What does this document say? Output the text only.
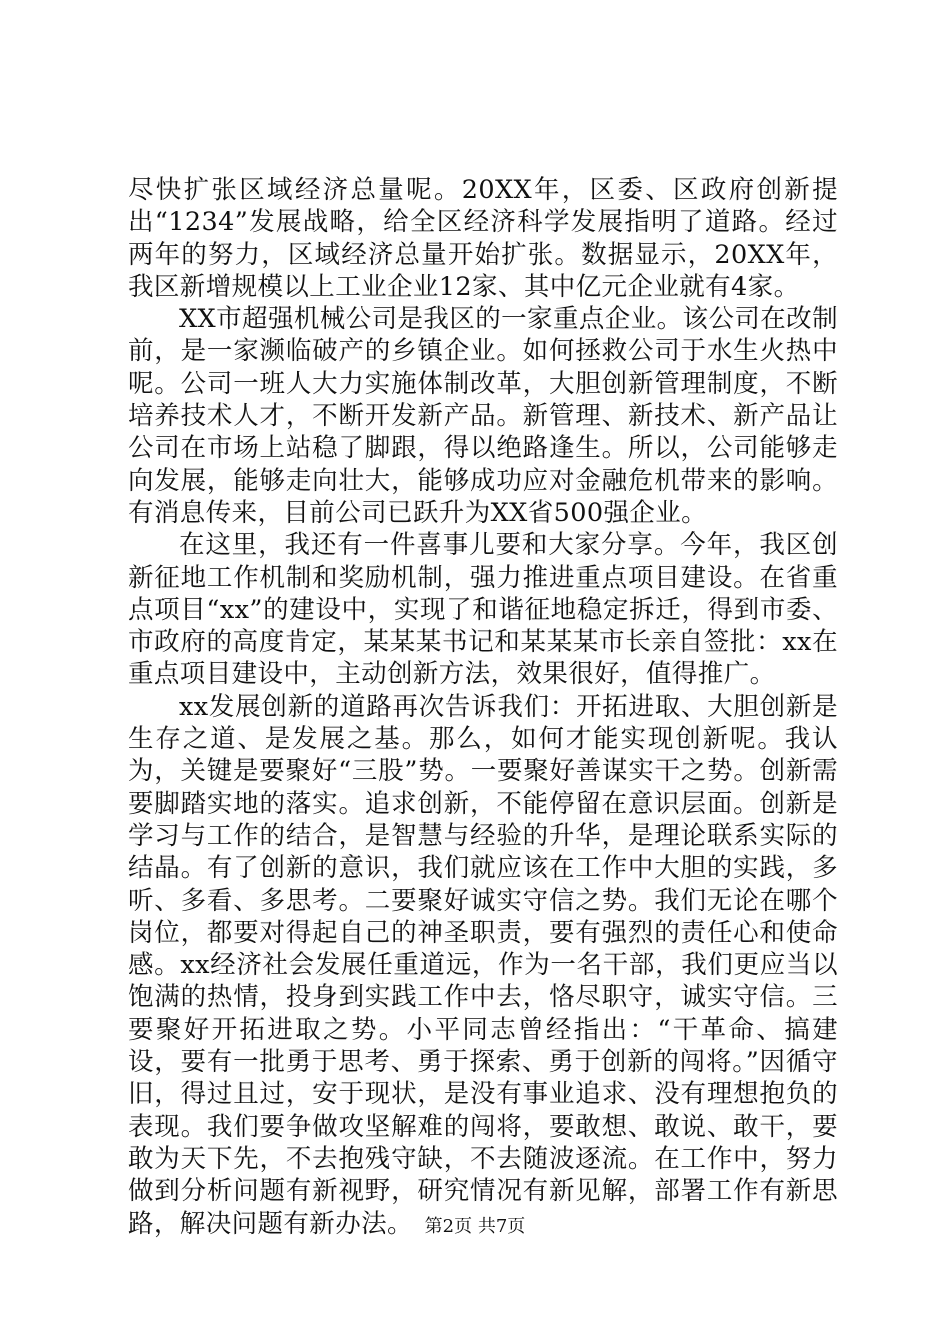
尽快扩张区域经济总量呢。20XX年，区委、区政府创新提出“1234”发展战略，给全区经济科学发展指明了道路。经过两年的努力，区域经济总量开始扩张。数据显示，20XX年，我区新增规模以上工业企业12家、其中亿元企业就有4家。

XX市超强机械公司是我区的一家重点企业。该公司在改制前，是一家濒临破产的乡镇企业。如何拯救公司于水生火热中呢。公司一班人大力实施体制改革，大胆创新管理制度，不断培养技术人才，不断开发新产品。新管理、新技术、新产品让公司在市场上站稳了脚跟，得以绝路逢生。所以，公司能够走向发展，能够走向壮大，能够成功应对金融危机带来的影响。有消息传来，目前公司已跃升为XX省500强企业。

在这里，我还有一件喜事儿要和大家分享。今年，我区创新征地工作机制和奖励机制，强力推进重点项目建设。在省重点项目“xx”的建设中，实现了和谐征地稳定拆迁，得到市委、市政府的高度肯定，某某某书记和某某某市长亲自签批：xx在重点项目建设中，主动创新方法，效果很好，值得推广。

xx发展创新的道路再次告诉我们：开拓进取、大胆创新是生存之道、是发展之基。那么，如何才能实现创新呢。我认为，关键是要聚好“三股”势。一要聚好善谋实干之势。创新需要脚踏实地的落实。追求创新，不能停留在意识层面。创新是学习与工作的结合，是智慧与经验的升华，是理论联系实际的结晶。有了创新的意识，我们就应该在工作中大胆的实践，多听、多看、多思考。二要聚好诚实守信之势。我们无论在哪个岗位，都要对得起自己的神圣职责，要有强烈的责任心和使命感。xx经济社会发展任重道远，作为一名干部，我们更应当以饱满的热情，投身到实践工作中去，恪尽职守，诚实守信。三要聚好开拓进取之势。小平同志曾经指出：“干革命、搞建设，要有一批勇于思考、勇于探索、勇于创新的闯将。”因循守旧，得过且过，安于现状，是没有事业追求、没有理想抱负的表现。我们要争做攻坚解难的闯将，要敢想、敢说、敢干，要敢为天下先，不去抱残守缺，不去随波逐流。在工作中，努力做到分析问题有新视野，研究情况有新见解，部署工作有新思路，解决问题有新办法。 第2页 共7页
